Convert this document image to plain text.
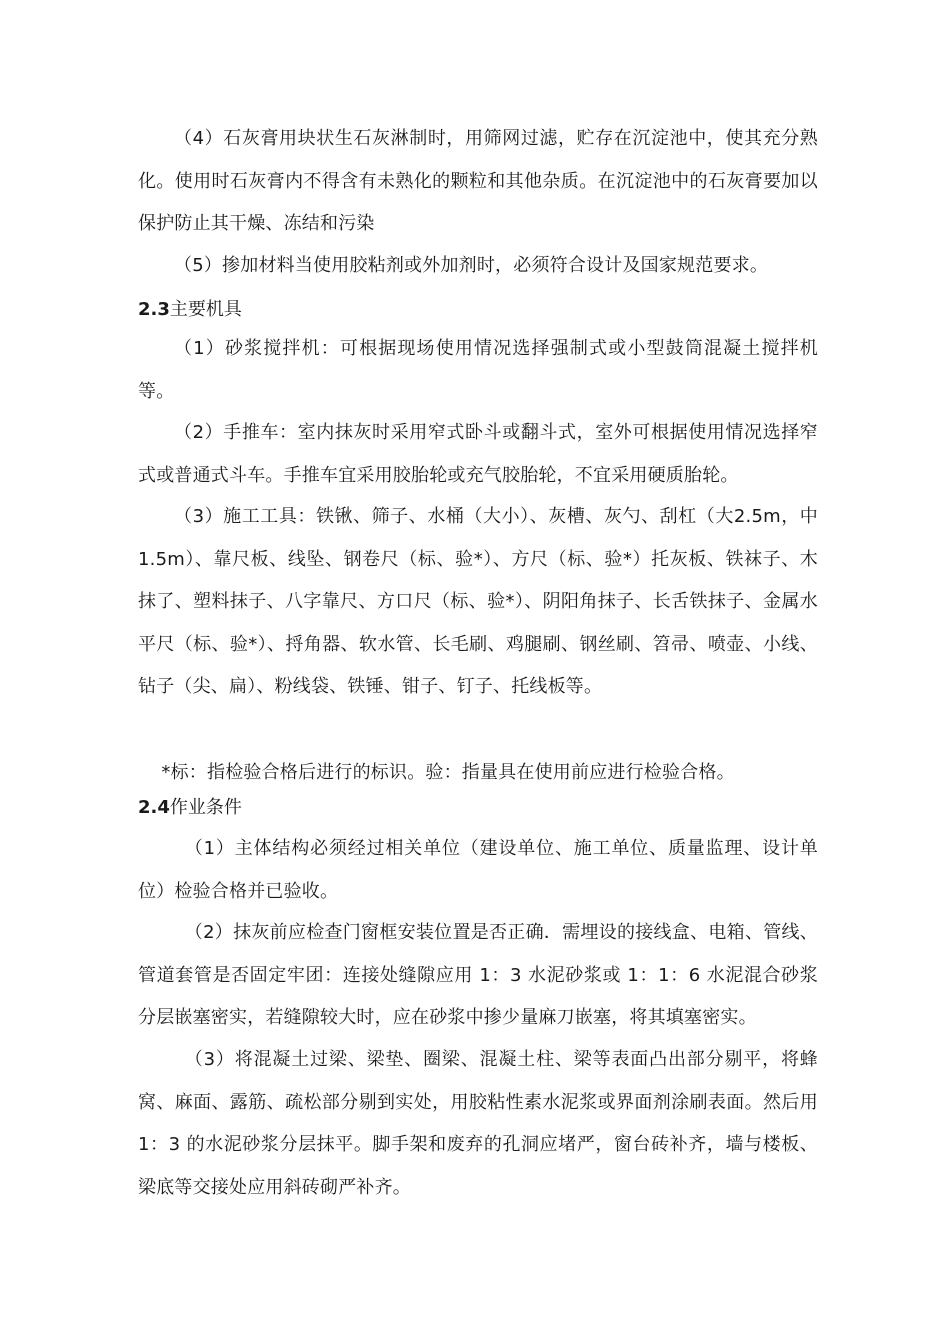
（4）石灰膏用块状生石灰淋制时，用筛网过滤，贮存在沉淀池中，使其充分熟化。使用时石灰膏内不得含有未熟化的颗粒和其他杂质。在沉淀池中的石灰膏要加以保护防止其干燥、冻结和污染

（5）掺加材料当使用胶粘剂或外加剂时，必须符合设计及国家规范要求。

2.3主要机具

（1）砂浆搅拌机：可根据现场使用情况选择强制式或小型鼓筒混凝土搅拌机等。

（2）手推车：室内抹灰时采用窄式卧斗或翻斗式，室外可根据使用情况选择窄式或普通式斗车。手推车宜采用胶胎轮或充气胶胎轮，不宜采用硬质胎轮。

（3）施工工具：铁锹、筛子、水桶（大小）、灰槽、灰勺、刮杠（大2.5m，中1.5m）、靠尺板、线坠、钢卷尺（标、验*）、方尺（标、验*）托灰板、铁袜子、木抹了、塑料抹子、八字靠尺、方口尺（标、验*）、阴阳角抹子、长舌铁抹子、金属水平尺（标、验*）、捋角器、软水管、长毛刷、鸡腿刷、钢丝刷、笤帚、喷壶、小线、钻子（尖、扁）、粉线袋、铁锤、钳子、钉子、托线板等。

*标：指检验合格后进行的标识。验：指量具在使用前应进行检验合格。

2.4作业条件

（1）主体结构必须经过相关单位（建设单位、施工单位、质量监理、设计单位）检验合格并已验收。

（2）抹灰前应检查门窗框安装位置是否正确．需埋设的接线盒、电箱、管线、管道套管是否固定牢团：连接处缝隙应用 1：3 水泥砂浆或 1：1：6 水泥混合砂浆分层嵌塞密实，若缝隙较大时，应在砂浆中掺少量麻刀嵌塞，将其填塞密实。

（3）将混凝土过梁、梁垫、圈梁、混凝土柱、梁等表面凸出部分剔平，将蜂窝、麻面、露筋、疏松部分剔到实处，用胶粘性素水泥浆或界面剂涂刷表面。然后用 1：3 的水泥砂浆分层抹平。脚手架和废弃的孔洞应堵严，窗台砖补齐，墙与楼板、梁底等交接处应用斜砖砌严补齐。
